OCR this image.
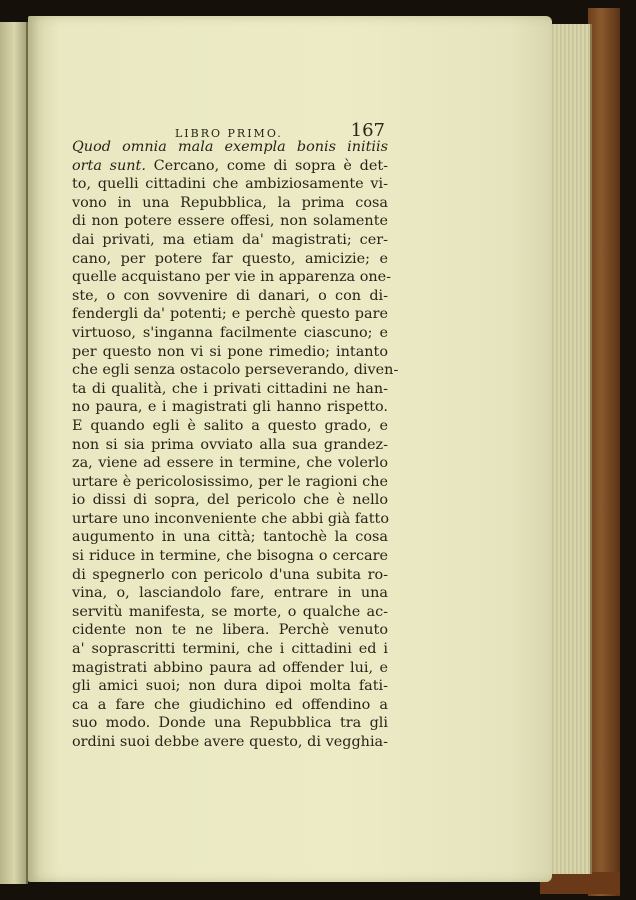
LIBRO PRIMO.	167
Quod omnia mala exempla bonis initiis
orta sunt. Cercano, come di sopra è det-
to, quelli cittadini che ambiziosamente vi-
vono in una Repubblica, la prima cosa
di non potere essere offesi, non solamente
dai privati, ma etiam da' magistrati; cer-
cano, per potere far questo, amicizie; e
quelle acquistano per vie in apparenza one-
ste, o con sovvenire di danari, o con di-
fendergli da' potenti; e perchè questo pare
virtuoso, s'inganna facilmente ciascuno; e
per questo non vi si pone rimedio; intanto
che egli senza ostacolo perseverando, diven-
ta di qualità, che i privati cittadini ne han-
no paura, e i magistrati gli hanno rispetto.
E quando egli è salito a questo grado, e
non si sia prima ovviato alla sua grandez-
za, viene ad essere in termine, che volerlo
urtare è pericolosissimo, per le ragioni che
io dissi di sopra, del pericolo che è nello
urtare uno inconveniente che abbi già fatto
augumento in una città; tantochè la cosa
si riduce in termine, che bisogna o cercare
di spegnerlo con pericolo d'una subita ro-
vina, o, lasciandolo fare, entrare in una
servitù manifesta, se morte, o qualche ac-
cidente non te ne libera. Perchè venuto
a' soprascritti termini, che i cittadini ed i
magistrati abbino paura ad offender lui, e
gli amici suoi; non dura dipoi molta fati-
ca a fare che giudichino ed offendino a
suo modo. Donde una Repubblica tra gli
ordini suoi debbe avere questo, di vegghia-
